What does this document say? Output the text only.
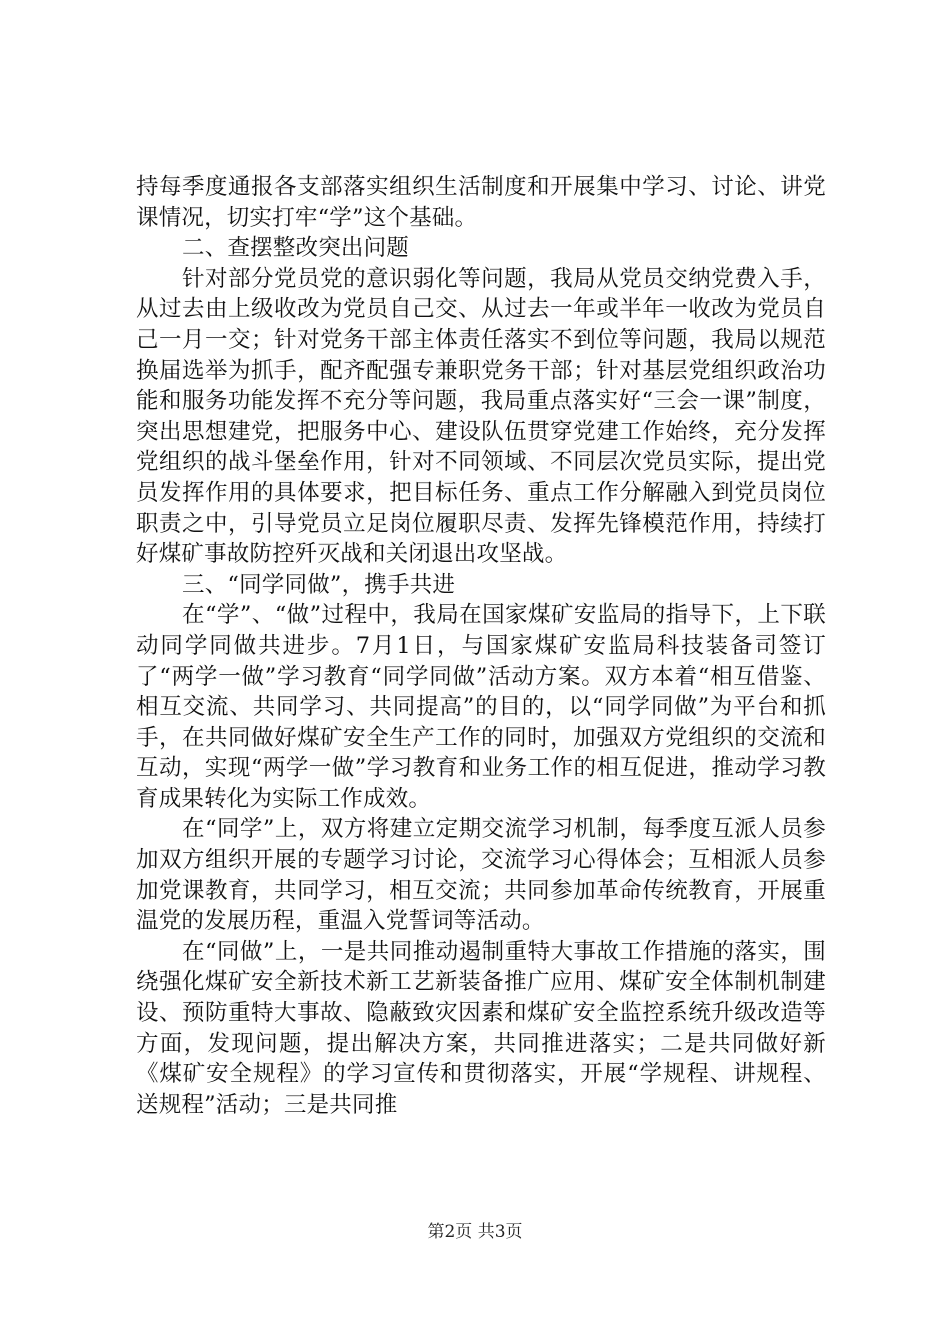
持每季度通报各支部落实组织生活制度和开展集中学习、讨论、讲党课情况，切实打牢“学”这个基础。

二、查摆整改突出问题

针对部分党员党的意识弱化等问题，我局从党员交纳党费入手，从过去由上级收改为党员自己交、从过去一年或半年一收改为党员自己一月一交；针对党务干部主体责任落实不到位等问题，我局以规范换届选举为抓手，配齐配强专兼职党务干部；针对基层党组织政治功能和服务功能发挥不充分等问题，我局重点落实好“三会一课”制度，突出思想建党，把服务中心、建设队伍贯穿党建工作始终，充分发挥党组织的战斗堡垒作用，针对不同领域、不同层次党员实际，提出党员发挥作用的具体要求，把目标任务、重点工作分解融入到党员岗位职责之中，引导党员立足岗位履职尽责、发挥先锋模范作用，持续打好煤矿事故防控歼灭战和关闭退出攻坚战。

三、“同学同做”，携手共进

在“学”、“做”过程中，我局在国家煤矿安监局的指导下，上下联动同学同做共进步。7月1日，与国家煤矿安监局科技装备司签订了“两学一做”学习教育“同学同做”活动方案。双方本着“相互借鉴、相互交流、共同学习、共同提高”的目的，以“同学同做”为平台和抓手，在共同做好煤矿安全生产工作的同时，加强双方党组织的交流和互动，实现“两学一做”学习教育和业务工作的相互促进，推动学习教育成果转化为实际工作成效。

在“同学”上，双方将建立定期交流学习机制，每季度互派人员参加双方组织开展的专题学习讨论，交流学习心得体会；互相派人员参加党课教育，共同学习，相互交流；共同参加革命传统教育，开展重温党的发展历程，重温入党誓词等活动。

在“同做”上，一是共同推动遏制重特大事故工作措施的落实，围绕强化煤矿安全新技术新工艺新装备推广应用、煤矿安全体制机制建设、预防重特大事故、隐蔽致灾因素和煤矿安全监控系统升级改造等方面，发现问题，提出解决方案，共同推进落实；二是共同做好新《煤矿安全规程》的学习宣传和贯彻落实，开展“学规程、讲规程、送规程”活动；三是共同推

第2页 共3页
